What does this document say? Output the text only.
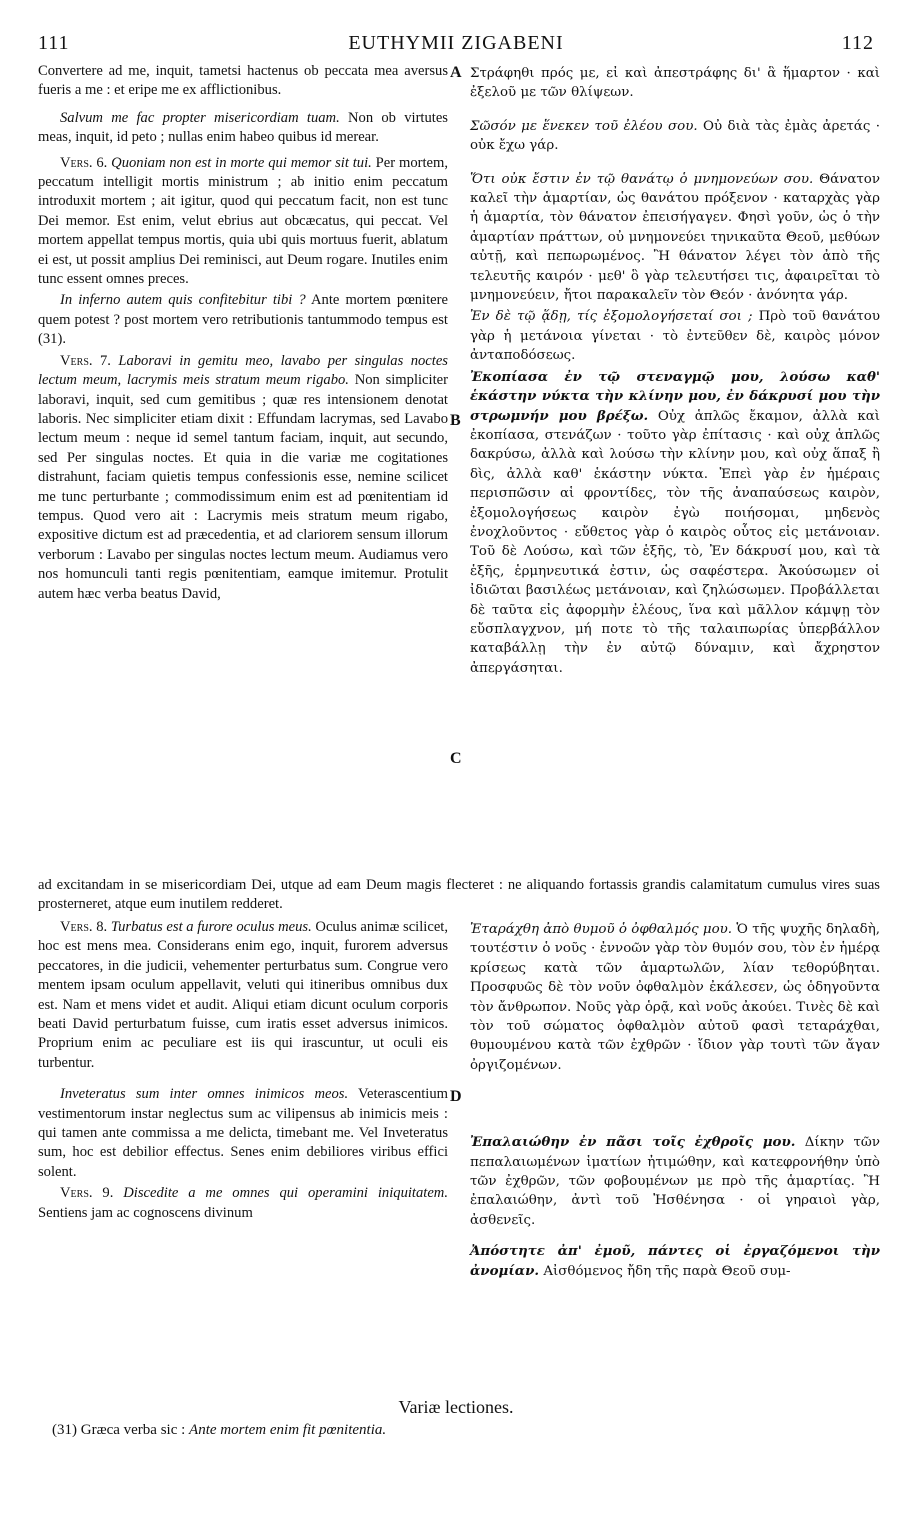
111	EUTHYMII ZIGABENI	112
A
B
C
D

Convertere ad me, inquit, tametsi hactenus ob peccata mea aversus fueris a me : et eripe me ex afflictionibus.

Salvum me fac propter misericordiam tuam. Non ob virtutes meas, inquit, id peto ; nullas enim habeo quibus id merear.

Vers. 6. Quoniam non est in morte qui memor sit tui. Per mortem, peccatum intelligit mortis ministrum ; ab initio enim peccatum introduxit mortem ; ait igitur, quod qui peccatum facit, non est tunc Dei memor. Est enim, velut ebrius aut obcæcatus, qui peccat. Vel mortem appellat tempus mortis, quia ubi quis mortuus fuerit, ablatum ei est, ut possit amplius Dei reminisci, aut Deum rogare. Inutiles enim tunc essent omnes preces.

In inferno autem quis confitebitur tibi ? Ante mortem pœnitere quem potest ? post mortem vero retributionis tantummodo tempus est (31).

Vers. 7. Laboravi in gemitu meo, lavabo per singulas noctes lectum meum, lacrymis meis stratum meum rigabo. Non simpliciter laboravi, inquit, sed cum gemitibus ; quæ res intensionem denotat laboris. Nec simpliciter etiam dixit : Effundam lacrymas, sed Lavabo lectum meum : neque id semel tantum faciam, inquit, aut secundo, sed Per singulas noctes. Et quia in die variæ me cogitationes distrahunt, faciam quietis tempus confessionis esse, nemine scilicet me tunc perturbante ; commodissimum enim est ad pœnitentiam id tempus. Quod vero ait : Lacrymis meis stratum meum rigabo, expositive dictum est ad præcedentia, et ad clariorem sensum illorum verborum : Lavabo per singulas noctes lectum meum. Audiamus vero nos homunculi tanti regis pœnitentiam, eamque imitemur. Protulit autem hæc verba beatus David,

Στράφηθι πρός με, εἰ καὶ ἀπεστράφης δι' ἃ ἥμαρτον · καὶ ἐξελοῦ με τῶν θλίψεων.

Σῶσόν με ἕνεκεν τοῦ ἐλέου σου. Οὐ διὰ τὰς ἐμὰς ἀρετάς · οὐκ ἔχω γάρ.

Ὅτι οὐκ ἔστιν ἐν τῷ θανάτῳ ὁ μνημονεύων σου. Θάνατον καλεῖ τὴν ἁμαρτίαν, ὡς θανάτου πρόξενον · καταρχὰς γὰρ ἡ ἁμαρτία, τὸν θάνατον ἐπεισήγαγεν. Φησὶ γοῦν, ὡς ὁ τὴν ἁμαρτίαν πράττων, οὐ μνημονεύει τηνικαῦτα Θεοῦ, μεθύων αὐτῇ, καὶ πεπωρωμένος. Ἢ θάνατον λέγει τὸν ἀπὸ τῆς τελευτῆς καιρόν · μεθ' ὃ γὰρ τελευτήσει τις, ἀφαιρεῖται τὸ μνημονεύειν, ἤτοι παρακαλεῖν τὸν Θεόν · ἀνόνητα γάρ.

Ἐν δὲ τῷ ᾅδῃ, τίς ἐξομολογήσεταί σοι ; Πρὸ τοῦ θανάτου γὰρ ἡ μετάνοια γίνεται · τὸ ἐντεῦθεν δὲ, καιρὸς μόνον ἀνταποδόσεως.

Ἐκοπίασα ἐν τῷ στεναγμῷ μου, λούσω καθ' ἑκάστην νύκτα τὴν κλίνην μου, ἐν δάκρυσί μου τὴν στρωμνήν μου βρέξω. Οὐχ ἁπλῶς ἔκαμον, ἀλλὰ καὶ ἐκοπίασα, στενάζων · τοῦτο γὰρ ἐπίτασις · καὶ οὐχ ἁπλῶς δακρύσω, ἀλλὰ καὶ λούσω τὴν κλίνην μου, καὶ οὐχ ἅπαξ ἢ δὶς, ἀλλὰ καθ' ἑκάστην νύκτα. Ἐπεὶ γὰρ ἐν ἡμέραις περισπῶσιν αἱ φροντίδες, τὸν τῆς ἀναπαύσεως καιρὸν, ἐξομολογήσεως καιρὸν ἐγὼ ποιήσομαι, μηδενὸς ἐνοχλοῦντος · εὔθετος γὰρ ὁ καιρὸς οὗτος εἰς μετάνοιαν. Τοῦ δὲ Λούσω, καὶ τῶν ἑξῆς, τὸ, Ἐν δάκρυσί μου, καὶ τὰ ἑξῆς, ἑρμηνευτικά ἐστιν, ὡς σαφέστερα. Ἀκούσωμεν οἱ ἰδιῶται βασιλέως μετάνοιαν, καὶ ζηλώσωμεν. Προβάλλεται δὲ ταῦτα εἰς ἀφορμὴν ἐλέους, ἵνα καὶ μᾶλλον κάμψῃ τὸν εὔσπλαγχνον, μή ποτε τὸ τῆς ταλαιπωρίας ὑπερβάλλον καταβάλλῃ τὴν ἐν αὐτῷ δύναμιν, καὶ ἄχρηστον ἀπεργάσηται.

ad excitandam in se misericordiam Dei, utque ad eam Deum magis flecteret : ne aliquando fortassis grandis calamitatum cumulus vires suas prosterneret, atque eum inutilem redderet.

Vers. 8. Turbatus est a furore oculus meus. Oculus animæ scilicet, hoc est mens mea. Considerans enim ego, inquit, furorem adversus peccatores, in die judicii, vehementer perturbatus sum. Congrue vero mentem ipsam oculum appellavit, veluti qui itineribus omnibus dux est. Nam et mens videt et audit. Aliqui etiam dicunt oculum corporis beati David perturbatum fuisse, cum iratis esset adversus inimicos. Proprium enim ac peculiare est iis qui irascuntur, ut oculi eis turbentur.

Inveteratus sum inter omnes inimicos meos. Veterascentium vestimentorum instar neglectus sum ac vilipensus ab inimicis meis : qui tamen ante commissa a me delicta, timebant me. Vel Inveteratus sum, hoc est debilior effectus. Senes enim debiliores viribus effici solent.

Vers. 9. Discedite a me omnes qui operamini iniquitatem. Sentiens jam ac cognoscens divinum

Ἐταράχθη ἀπὸ θυμοῦ ὁ ὀφθαλμός μου. Ὁ τῆς ψυχῆς δηλαδὴ, τουτέστιν ὁ νοῦς · ἐννοῶν γὰρ τὸν θυμόν σου, τὸν ἐν ἡμέρᾳ κρίσεως κατὰ τῶν ἁμαρτωλῶν, λίαν τεθορύβηται. Προσφυῶς δὲ τὸν νοῦν ὀφθαλμὸν ἐκάλεσεν, ὡς ὁδηγοῦντα τὸν ἄνθρωπον. Νοῦς γὰρ ὁρᾷ, καὶ νοῦς ἀκούει. Τινὲς δὲ καὶ τὸν τοῦ σώματος ὀφθαλμὸν αὐτοῦ φασὶ τεταράχθαι, θυμουμένου κατὰ τῶν ἐχθρῶν · ἴδιον γὰρ τουτὶ τῶν ἄγαν ὀργιζομένων.

Ἐπαλαιώθην ἐν πᾶσι τοῖς ἐχθροῖς μου. Δίκην τῶν πεπαλαιωμένων ἱματίων ἠτιμώθην, καὶ κατεφρονήθην ὑπὸ τῶν ἐχθρῶν, τῶν φοβουμένων με πρὸ τῆς ἁμαρτίας. Ἢ ἐπαλαιώθην, ἀντὶ τοῦ Ἠσθένησα · οἱ γηραιοὶ γὰρ, ἀσθενεῖς.

Ἀπόστητε ἀπ' ἐμοῦ, πάντες οἱ ἐργαζόμενοι τὴν ἀνομίαν. Αἰσθόμενος ἤδη τῆς παρὰ Θεοῦ συμ-

Variæ lectiones.
(31) Græca verba sic : Ante mortem enim fit pœnitentia.
